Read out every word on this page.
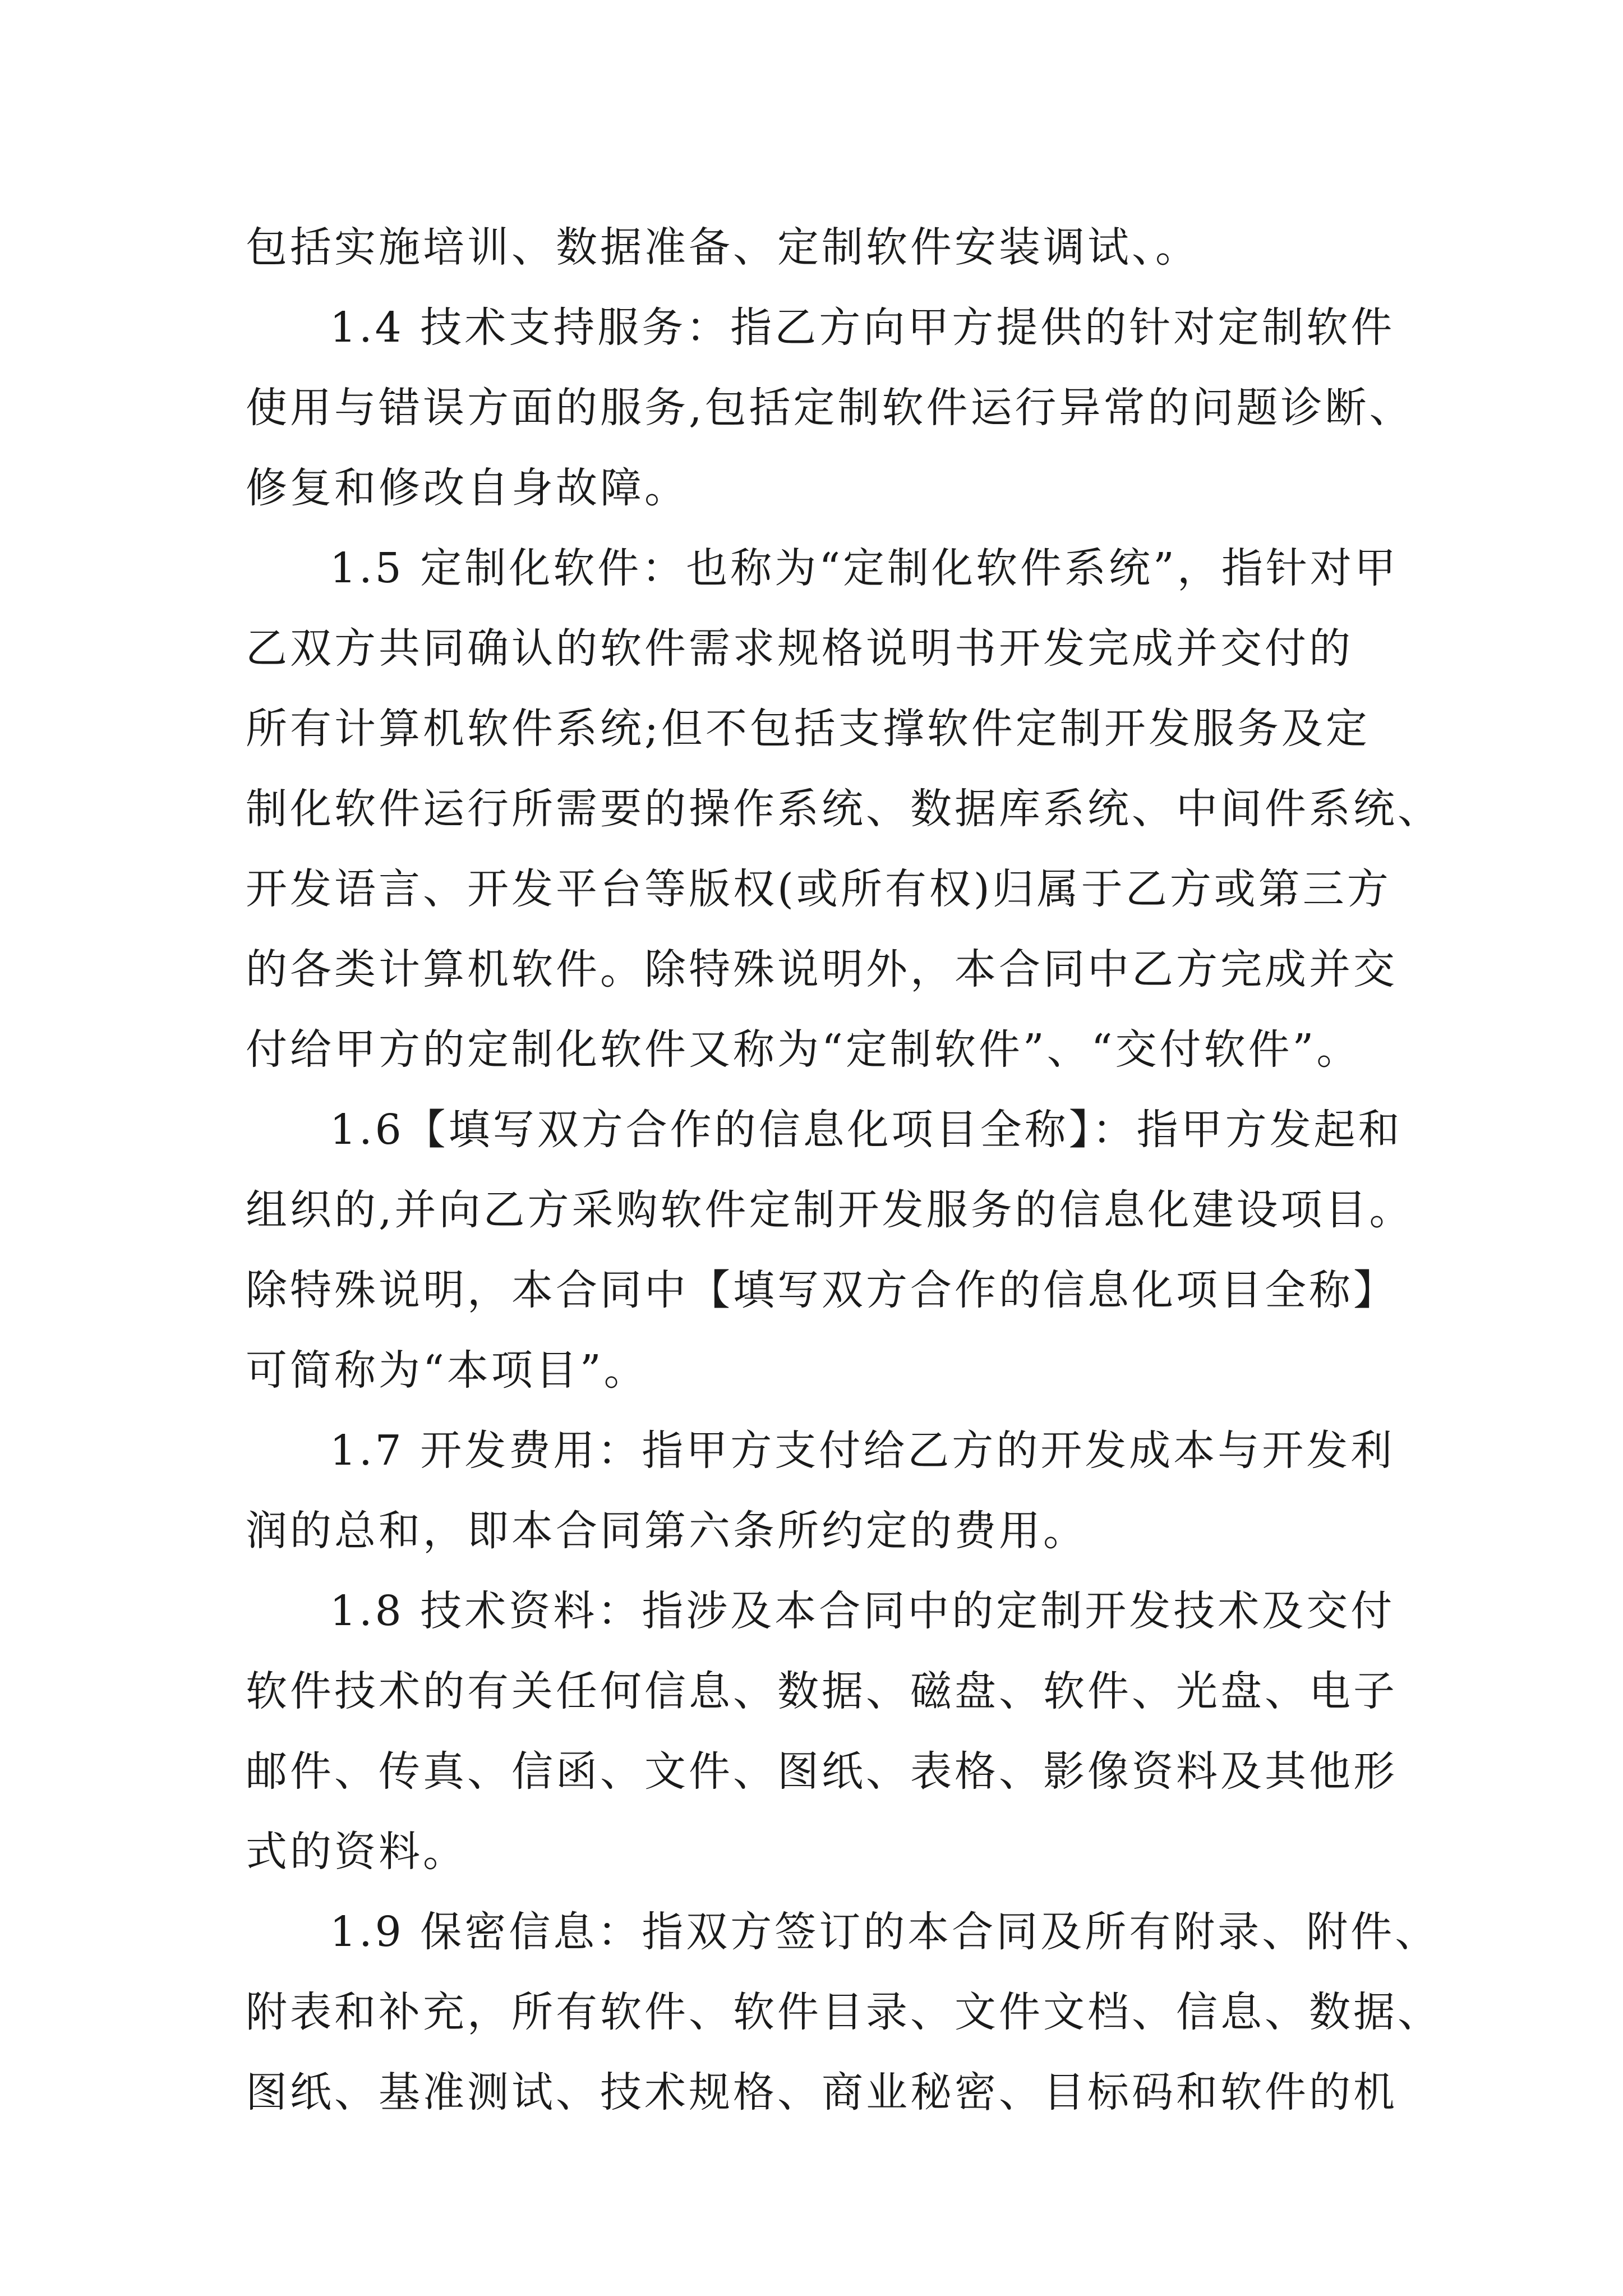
包括实施培训、数据准备、定制软件安装调试、。
1.4 技术支持服务：指乙方向甲方提供的针对定制软件
使用与错误方面的服务,包括定制软件运行异常的问题诊断、
修复和修改自身故障。
1.5 定制化软件：也称为“定制化软件系统”，指针对甲
乙双方共同确认的软件需求规格说明书开发完成并交付的
所有计算机软件系统;但不包括支撑软件定制开发服务及定
制化软件运行所需要的操作系统、数据库系统、中间件系统、
开发语言、开发平台等版权(或所有权)归属于乙方或第三方
的各类计算机软件。除特殊说明外，本合同中乙方完成并交
付给甲方的定制化软件又称为“定制软件”、“交付软件”。
1.6【填写双方合作的信息化项目全称】：指甲方发起和
组织的,并向乙方采购软件定制开发服务的信息化建设项目。
除特殊说明，本合同中【填写双方合作的信息化项目全称】
可简称为“本项目”。
1.7 开发费用：指甲方支付给乙方的开发成本与开发利
润的总和，即本合同第六条所约定的费用。
1.8 技术资料：指涉及本合同中的定制开发技术及交付
软件技术的有关任何信息、数据、磁盘、软件、光盘、电子
邮件、传真、信函、文件、图纸、表格、影像资料及其他形
式的资料。
1.9 保密信息：指双方签订的本合同及所有附录、附件、
附表和补充，所有软件、软件目录、文件文档、信息、数据、
图纸、基准测试、技术规格、商业秘密、目标码和软件的机
